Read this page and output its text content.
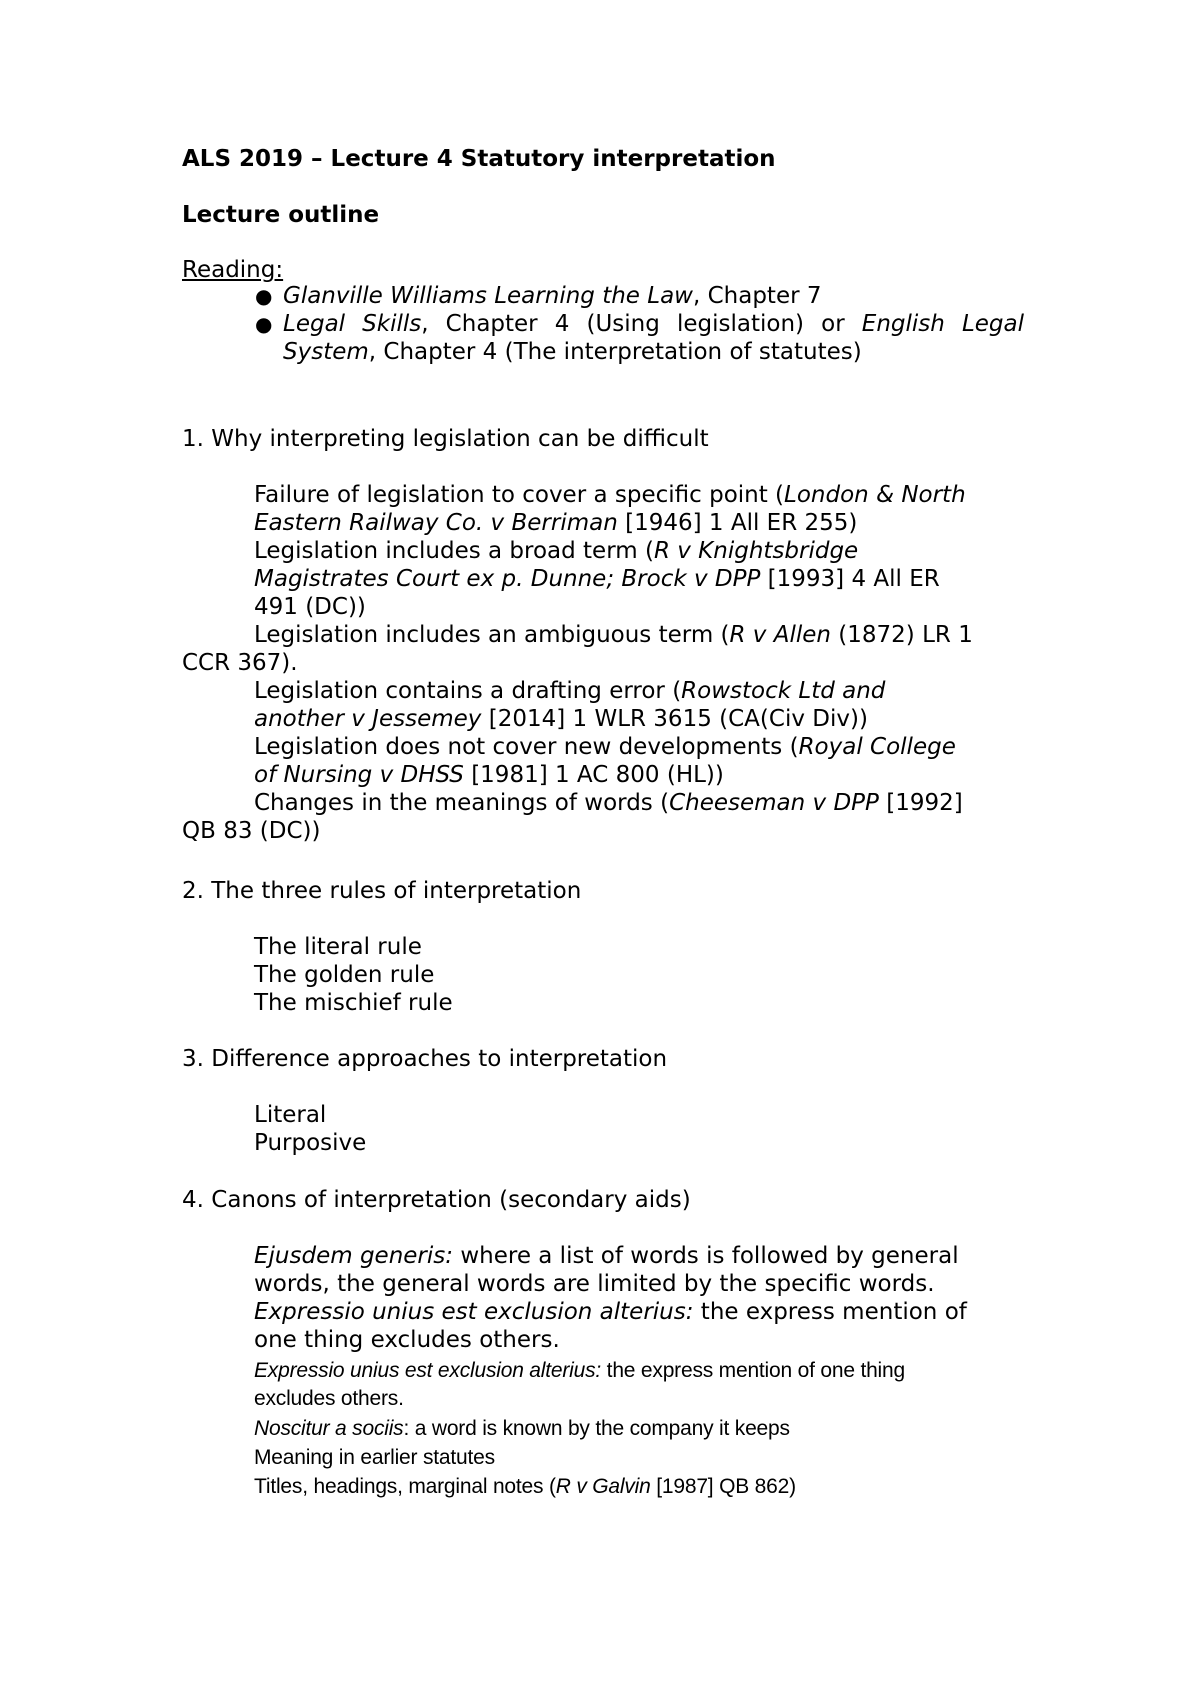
ALS 2019 – Lecture 4 Statutory interpretation
Lecture outline
Reading:
● Glanville Williams Learning the Law, Chapter 7
● Legal Skills, Chapter 4 (Using legislation) or English Legal
System, Chapter 4 (The interpretation of statutes)
1. Why interpreting legislation can be difficult
Failure of legislation to cover a specific point (London & North
Eastern Railway Co. v Berriman [1946] 1 All ER 255)
Legislation includes a broad term (R v Knightsbridge
Magistrates Court ex p. Dunne; Brock v DPP [1993] 4 All ER
491 (DC))
Legislation includes an ambiguous term (R v Allen (1872) LR 1
CCR 367).
Legislation contains a drafting error (Rowstock Ltd and
another v Jessemey [2014] 1 WLR 3615 (CA(Civ Div))
Legislation does not cover new developments (Royal College
of Nursing v DHSS [1981] 1 AC 800 (HL))
Changes in the meanings of words (Cheeseman v DPP [1992]
QB 83 (DC))
2. The three rules of interpretation
The literal rule
The golden rule
The mischief rule
3. Difference approaches to interpretation
Literal
Purposive
4. Canons of interpretation (secondary aids)
Ejusdem generis: where a list of words is followed by general
words, the general words are limited by the specific words.
Expressio unius est exclusion alterius: the express mention of
one thing excludes others.
Expressio unius est exclusion alterius: the express mention of one thing
excludes others.
Noscitur a sociis: a word is known by the company it keeps
Meaning in earlier statutes
Titles, headings, marginal notes (R v Galvin [1987] QB 862)
